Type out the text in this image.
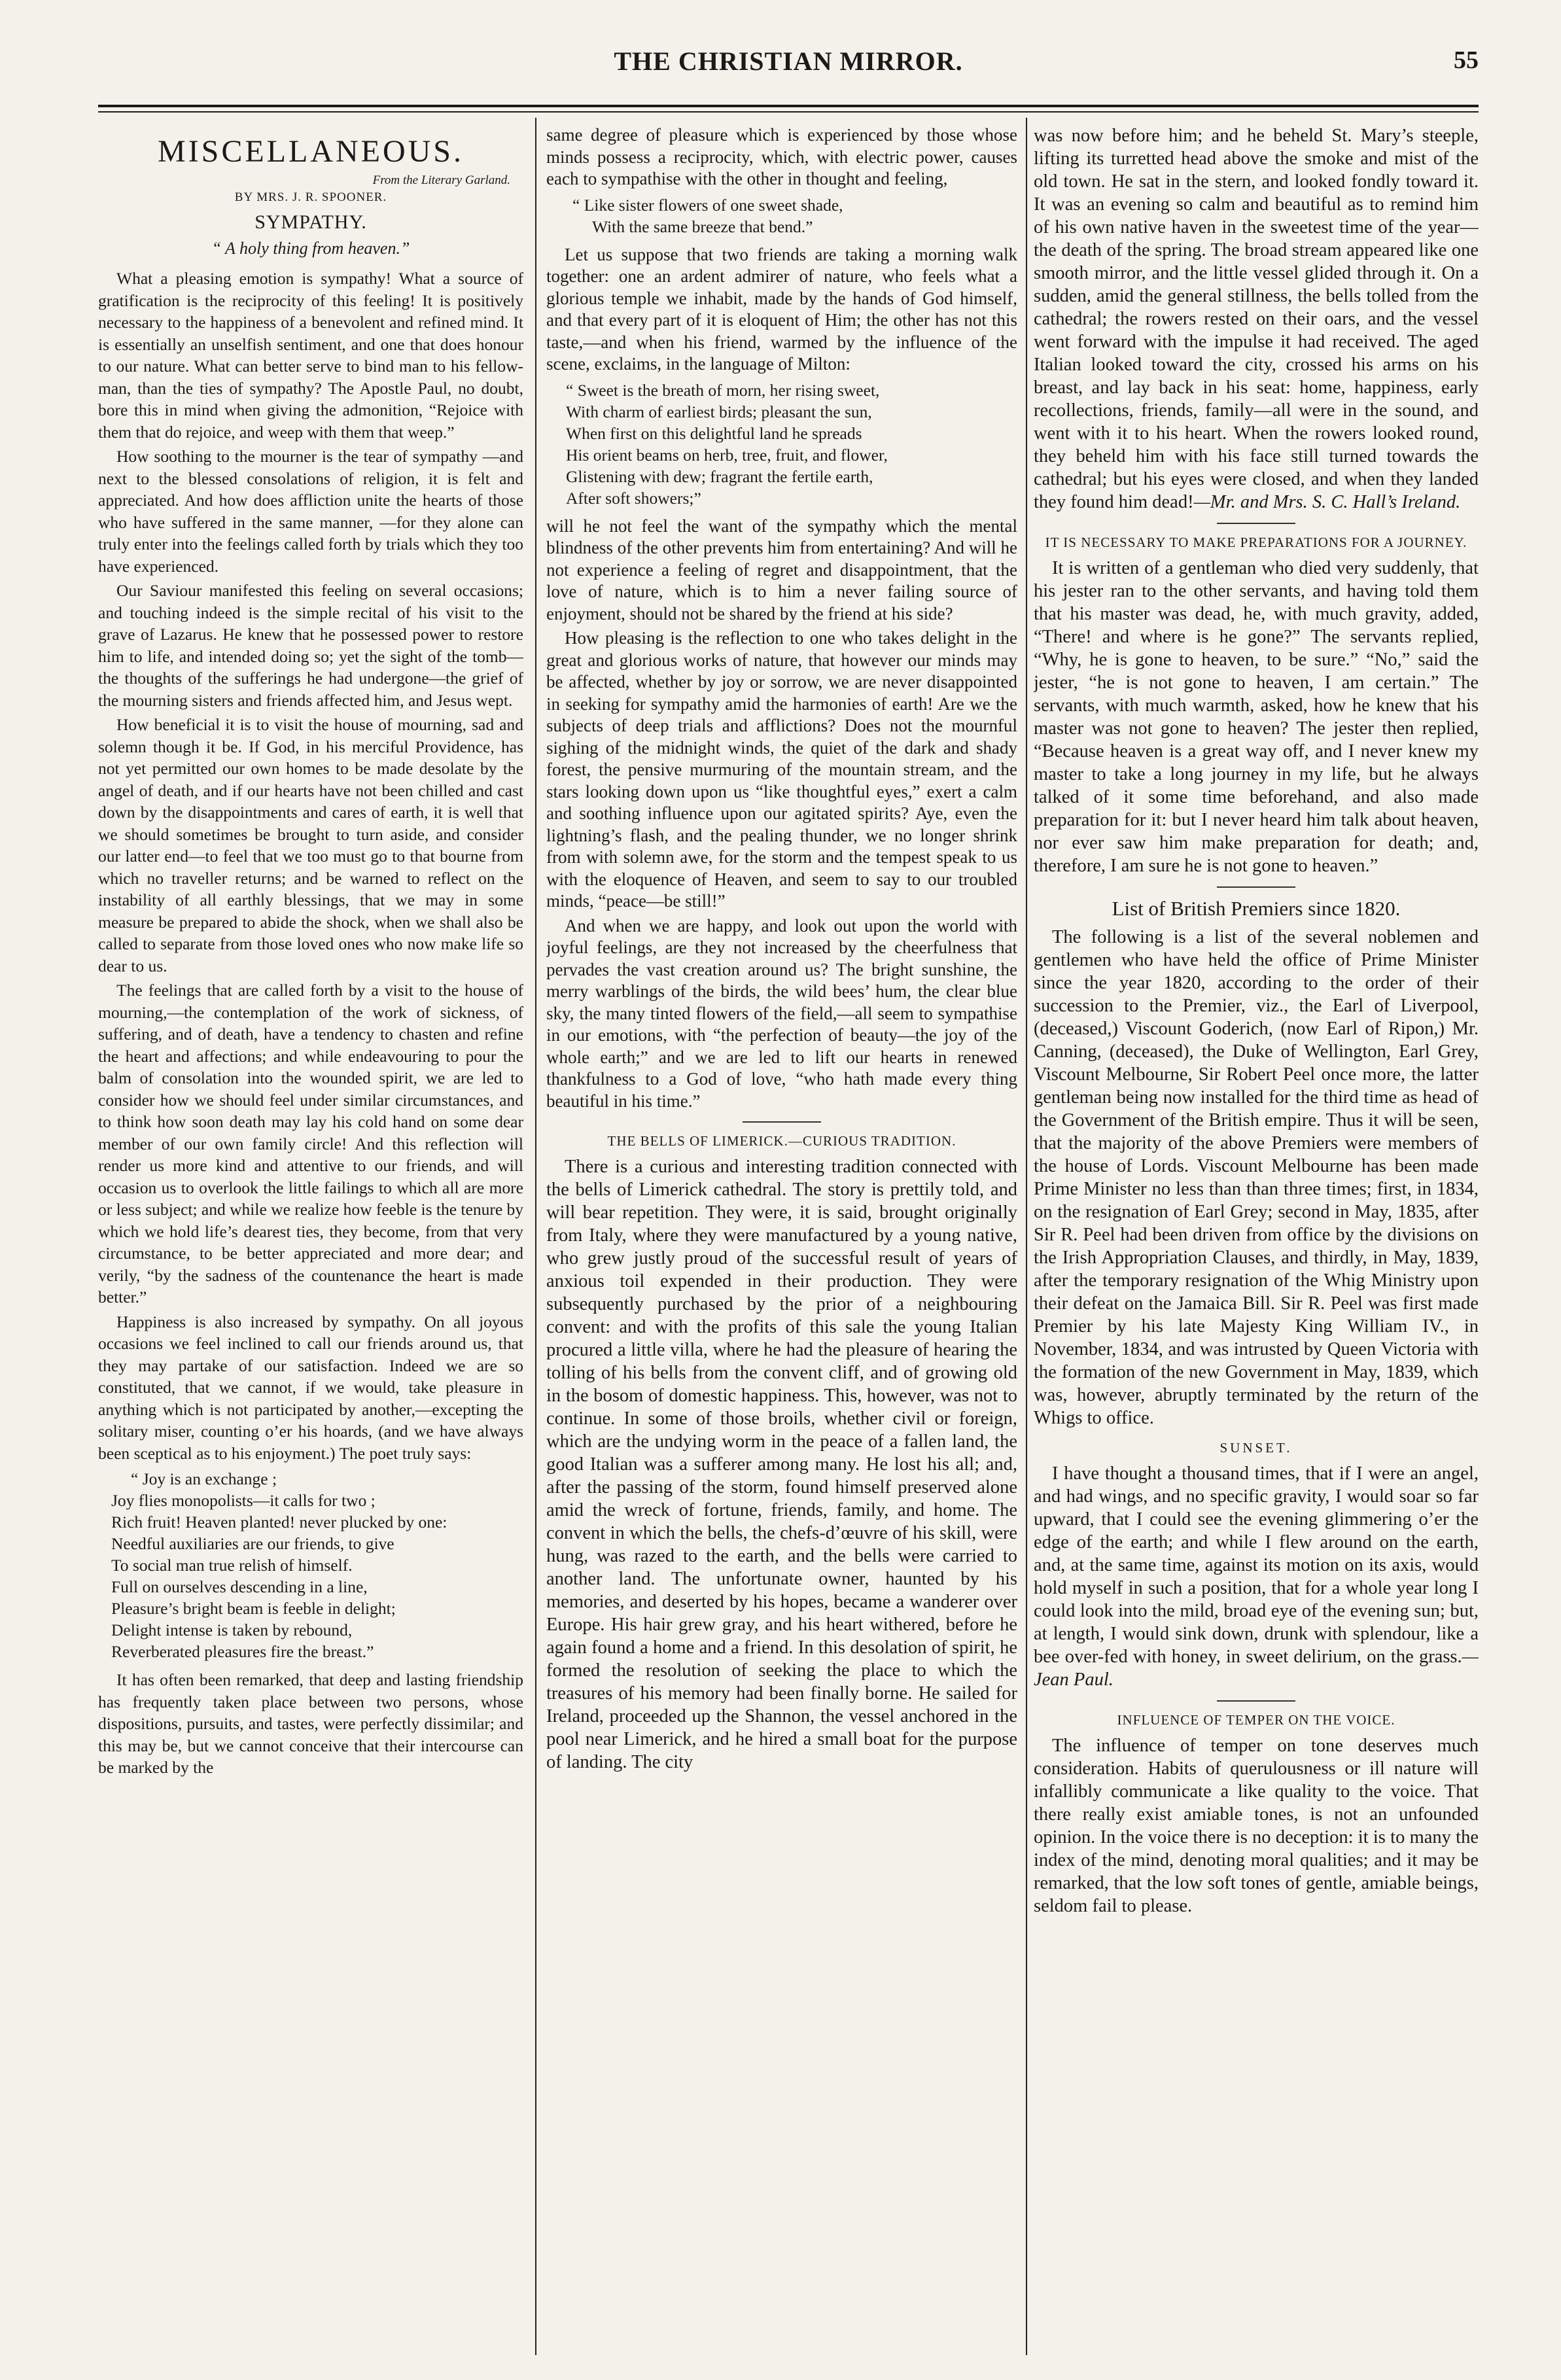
THE CHRISTIAN MIRROR.	55
MISCELLANEOUS.
From the Literary Garland.
BY MRS. J. R. SPOONER.
SYMPATHY.
“ A holy thing from heaven.”

What a pleasing emotion is sympathy! What a source of gratification is the reciprocity of this feeling! It is positively necessary to the happiness of a benevolent and refined mind. It is essentially an unselfish sentiment, and one that does honour to our nature. What can better serve to bind man to his fellow-man, than the ties of sympathy? The Apostle Paul, no doubt, bore this in mind when giving the admonition, “Rejoice with them that do rejoice, and weep with them that weep.”

How soothing to the mourner is the tear of sympathy —and next to the blessed consolations of religion, it is felt and appreciated. And how does affliction unite the hearts of those who have suffered in the same manner, —for they alone can truly enter into the feelings called forth by trials which they too have experienced.

Our Saviour manifested this feeling on several occasions; and touching indeed is the simple recital of his visit to the grave of Lazarus. He knew that he possessed power to restore him to life, and intended doing so; yet the sight of the tomb—the thoughts of the sufferings he had undergone—the grief of the mourning sisters and friends affected him, and Jesus wept.

How beneficial it is to visit the house of mourning, sad and solemn though it be. If God, in his merciful Providence, has not yet permitted our own homes to be made desolate by the angel of death, and if our hearts have not been chilled and cast down by the disappointments and cares of earth, it is well that we should sometimes be brought to turn aside, and consider our latter end—to feel that we too must go to that bourne from which no traveller returns; and be warned to reflect on the instability of all earthly blessings, that we may in some measure be prepared to abide the shock, when we shall also be called to separate from those loved ones who now make life so dear to us.

The feelings that are called forth by a visit to the house of mourning,—the contemplation of the work of sickness, of suffering, and of death, have a tendency to chasten and refine the heart and affections; and while endeavouring to pour the balm of consolation into the wounded spirit, we are led to consider how we should feel under similar circumstances, and to think how soon death may lay his cold hand on some dear member of our own family circle! And this reflection will render us more kind and attentive to our friends, and will occasion us to overlook the little failings to which all are more or less subject; and while we realize how feeble is the tenure by which we hold life’s dearest ties, they become, from that very circumstance, to be better appreciated and more dear; and verily, “by the sadness of the countenance the heart is made better.”

Happiness is also increased by sympathy. On all joyous occasions we feel inclined to call our friends around us, that they may partake of our satisfaction. Indeed we are so constituted, that we cannot, if we would, take pleasure in anything which is not participated by another,—excepting the solitary miser, counting o’er his hoards, (and we have always been sceptical as to his enjoyment.) The poet truly says:

“ Joy is an exchange ;
Joy flies monopolists—it calls for two ;
Rich fruit! Heaven planted! never plucked by one:
Needful auxiliaries are our friends, to give
To social man true relish of himself.
Full on ourselves descending in a line,
Pleasure’s bright beam is feeble in delight;
Delight intense is taken by rebound,
Reverberated pleasures fire the breast.”

It has often been remarked, that deep and lasting friendship has frequently taken place between two persons, whose dispositions, pursuits, and tastes, were perfectly dissimilar; and this may be, but we cannot conceive that their intercourse can be marked by the

same degree of pleasure which is experienced by those whose minds possess a reciprocity, which, with electric power, causes each to sympathise with the other in thought and feeling,

“ Like sister flowers of one sweet shade,
With the same breeze that bend.”

Let us suppose that two friends are taking a morning walk together: one an ardent admirer of nature, who feels what a glorious temple we inhabit, made by the hands of God himself, and that every part of it is eloquent of Him; the other has not this taste,—and when his friend, warmed by the influence of the scene, exclaims, in the language of Milton:

“ Sweet is the breath of morn, her rising sweet,
With charm of earliest birds; pleasant the sun,
When first on this delightful land he spreads
His orient beams on herb, tree, fruit, and flower,
Glistening with dew; fragrant the fertile earth,
After soft showers;”

will he not feel the want of the sympathy which the mental blindness of the other prevents him from entertaining? And will he not experience a feeling of regret and disappointment, that the love of nature, which is to him a never failing source of enjoyment, should not be shared by the friend at his side?

How pleasing is the reflection to one who takes delight in the great and glorious works of nature, that however our minds may be affected, whether by joy or sorrow, we are never disappointed in seeking for sympathy amid the harmonies of earth! Are we the subjects of deep trials and afflictions? Does not the mournful sighing of the midnight winds, the quiet of the dark and shady forest, the pensive murmuring of the mountain stream, and the stars looking down upon us “like thoughtful eyes,” exert a calm and soothing influence upon our agitated spirits? Aye, even the lightning’s flash, and the pealing thunder, we no longer shrink from with solemn awe, for the storm and the tempest speak to us with the eloquence of Heaven, and seem to say to our troubled minds, “peace—be still!”

And when we are happy, and look out upon the world with joyful feelings, are they not increased by the cheerfulness that pervades the vast creation around us? The bright sunshine, the merry warblings of the birds, the wild bees’ hum, the clear blue sky, the many tinted flowers of the field,—all seem to sympathise in our emotions, with “the perfection of beauty—the joy of the whole earth;” and we are led to lift our hearts in renewed thankfulness to a God of love, “who hath made every thing beautiful in his time.”

THE BELLS OF LIMERICK.—CURIOUS TRADITION.

There is a curious and interesting tradition connected with the bells of Limerick cathedral. The story is prettily told, and will bear repetition. They were, it is said, brought originally from Italy, where they were manufactured by a young native, who grew justly proud of the successful result of years of anxious toil expended in their production. They were subsequently purchased by the prior of a neighbouring convent: and with the profits of this sale the young Italian procured a little villa, where he had the pleasure of hearing the tolling of his bells from the convent cliff, and of growing old in the bosom of domestic happiness. This, however, was not to continue. In some of those broils, whether civil or foreign, which are the undying worm in the peace of a fallen land, the good Italian was a sufferer among many. He lost his all; and, after the passing of the storm, found himself preserved alone amid the wreck of fortune, friends, family, and home. The convent in which the bells, the chefs-d’œuvre of his skill, were hung, was razed to the earth, and the bells were carried to another land. The unfortunate owner, haunted by his memories, and deserted by his hopes, became a wanderer over Europe. His hair grew gray, and his heart withered, before he again found a home and a friend. In this desolation of spirit, he formed the resolution of seeking the place to which the treasures of his memory had been finally borne. He sailed for Ireland, proceeded up the Shannon, the vessel anchored in the pool near Limerick, and he hired a small boat for the purpose of landing. The city

was now before him; and he beheld St. Mary’s steeple, lifting its turretted head above the smoke and mist of the old town. He sat in the stern, and looked fondly toward it. It was an evening so calm and beautiful as to remind him of his own native haven in the sweetest time of the year—the death of the spring. The broad stream appeared like one smooth mirror, and the little vessel glided through it. On a sudden, amid the general stillness, the bells tolled from the cathedral; the rowers rested on their oars, and the vessel went forward with the impulse it had received. The aged Italian looked toward the city, crossed his arms on his breast, and lay back in his seat: home, happiness, early recollections, friends, family—all were in the sound, and went with it to his heart. When the rowers looked round, they beheld him with his face still turned towards the cathedral; but his eyes were closed, and when they landed they found him dead!—Mr. and Mrs. S. C. Hall’s Ireland.

IT IS NECESSARY TO MAKE PREPARATIONS FOR A JOURNEY.

It is written of a gentleman who died very suddenly, that his jester ran to the other servants, and having told them that his master was dead, he, with much gravity, added, “There! and where is he gone?” The servants replied, “Why, he is gone to heaven, to be sure.” “No,” said the jester, “he is not gone to heaven, I am certain.” The servants, with much warmth, asked, how he knew that his master was not gone to heaven? The jester then replied, “Because heaven is a great way off, and I never knew my master to take a long journey in my life, but he always talked of it some time beforehand, and also made preparation for it: but I never heard him talk about heaven, nor ever saw him make preparation for death; and, therefore, I am sure he is not gone to heaven.”

List of British Premiers since 1820.

The following is a list of the several noblemen and gentlemen who have held the office of Prime Minister since the year 1820, according to the order of their succession to the Premier, viz., the Earl of Liverpool, (deceased,) Viscount Goderich, (now Earl of Ripon,) Mr. Canning, (deceased), the Duke of Wellington, Earl Grey, Viscount Melbourne, Sir Robert Peel once more, the latter gentleman being now installed for the third time as head of the Government of the British empire. Thus it will be seen, that the majority of the above Premiers were members of the house of Lords. Viscount Melbourne has been made Prime Minister no less than than three times; first, in 1834, on the resignation of Earl Grey; second in May, 1835, after Sir R. Peel had been driven from office by the divisions on the Irish Appropriation Clauses, and thirdly, in May, 1839, after the temporary resignation of the Whig Ministry upon their defeat on the Jamaica Bill. Sir R. Peel was first made Premier by his late Majesty King William IV., in November, 1834, and was intrusted by Queen Victoria with the formation of the new Government in May, 1839, which was, however, abruptly terminated by the return of the Whigs to office.

SUNSET.

I have thought a thousand times, that if I were an angel, and had wings, and no specific gravity, I would soar so far upward, that I could see the evening glimmering o’er the edge of the earth; and while I flew around on the earth, and, at the same time, against its motion on its axis, would hold myself in such a position, that for a whole year long I could look into the mild, broad eye of the evening sun; but, at length, I would sink down, drunk with splendour, like a bee over-fed with honey, in sweet delirium, on the grass.—Jean Paul.

INFLUENCE OF TEMPER ON THE VOICE.

The influence of temper on tone deserves much consideration. Habits of querulousness or ill nature will infallibly communicate a like quality to the voice. That there really exist amiable tones, is not an unfounded opinion. In the voice there is no deception: it is to many the index of the mind, denoting moral qualities; and it may be remarked, that the low soft tones of gentle, amiable beings, seldom fail to please.
